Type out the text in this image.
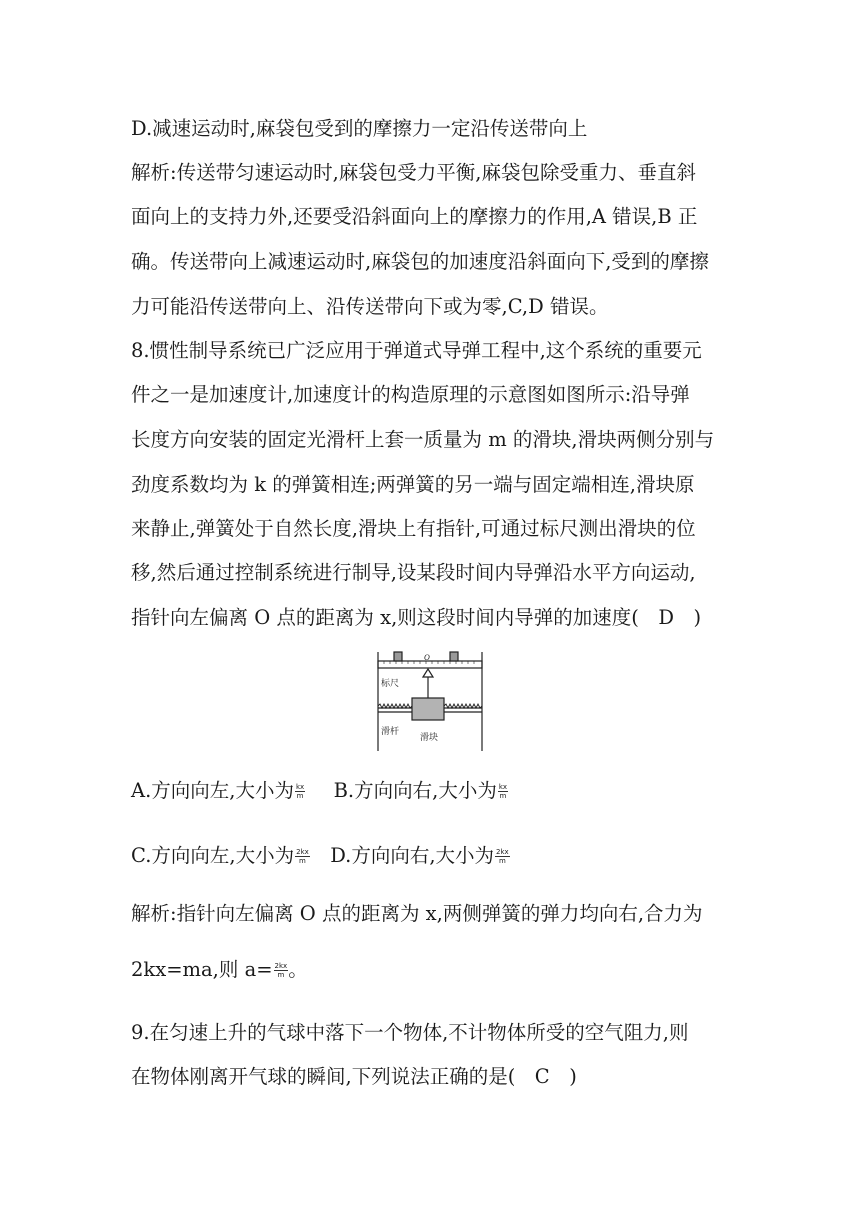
D.减速运动时,麻袋包受到的摩擦力一定沿传送带向上
解析:传送带匀速运动时,麻袋包受力平衡,麻袋包除受重力、垂直斜
面向上的支持力外,还要受沿斜面向上的摩擦力的作用,A 错误,B 正
确。传送带向上减速运动时,麻袋包的加速度沿斜面向下,受到的摩擦
力可能沿传送带向上、沿传送带向下或为零,C,D 错误。
8.惯性制导系统已广泛应用于弹道式导弹工程中,这个系统的重要元
件之一是加速度计,加速度计的构造原理的示意图如图所示:沿导弹
长度方向安装的固定光滑杆上套一质量为 m 的滑块,滑块两侧分别与
劲度系数均为 k 的弹簧相连;两弹簧的另一端与固定端相连,滑块原
来静止,弹簧处于自然长度,滑块上有指针,可通过标尺测出滑块的位
移,然后通过控制系统进行制导,设某段时间内导弹沿水平方向运动,
指针向左偏离 O 点的距离为 x,则这段时间内导弹的加速度(　D　)
O
标尺
滑杆
滑块
A.方向向左,大小为 $\frac{kx}{m} B$.方向向右,大小为 $\frac{kx}{m}$
C.方向向左,大小为 $\frac{2kx}{m} D$.方向向右,大小为 $\frac{2kx}{m}$
解析:指针向左偏离 O 点的距离为 x,两侧弹簧的弹力均向右,合力为
2kx=ma,则 $a= \frac{2kx}{m}$ 。
9.在匀速上升的气球中落下一个物体,不计物体所受的空气阻力,则
在物体刚离开气球的瞬间,下列说法正确的是(　C　)
